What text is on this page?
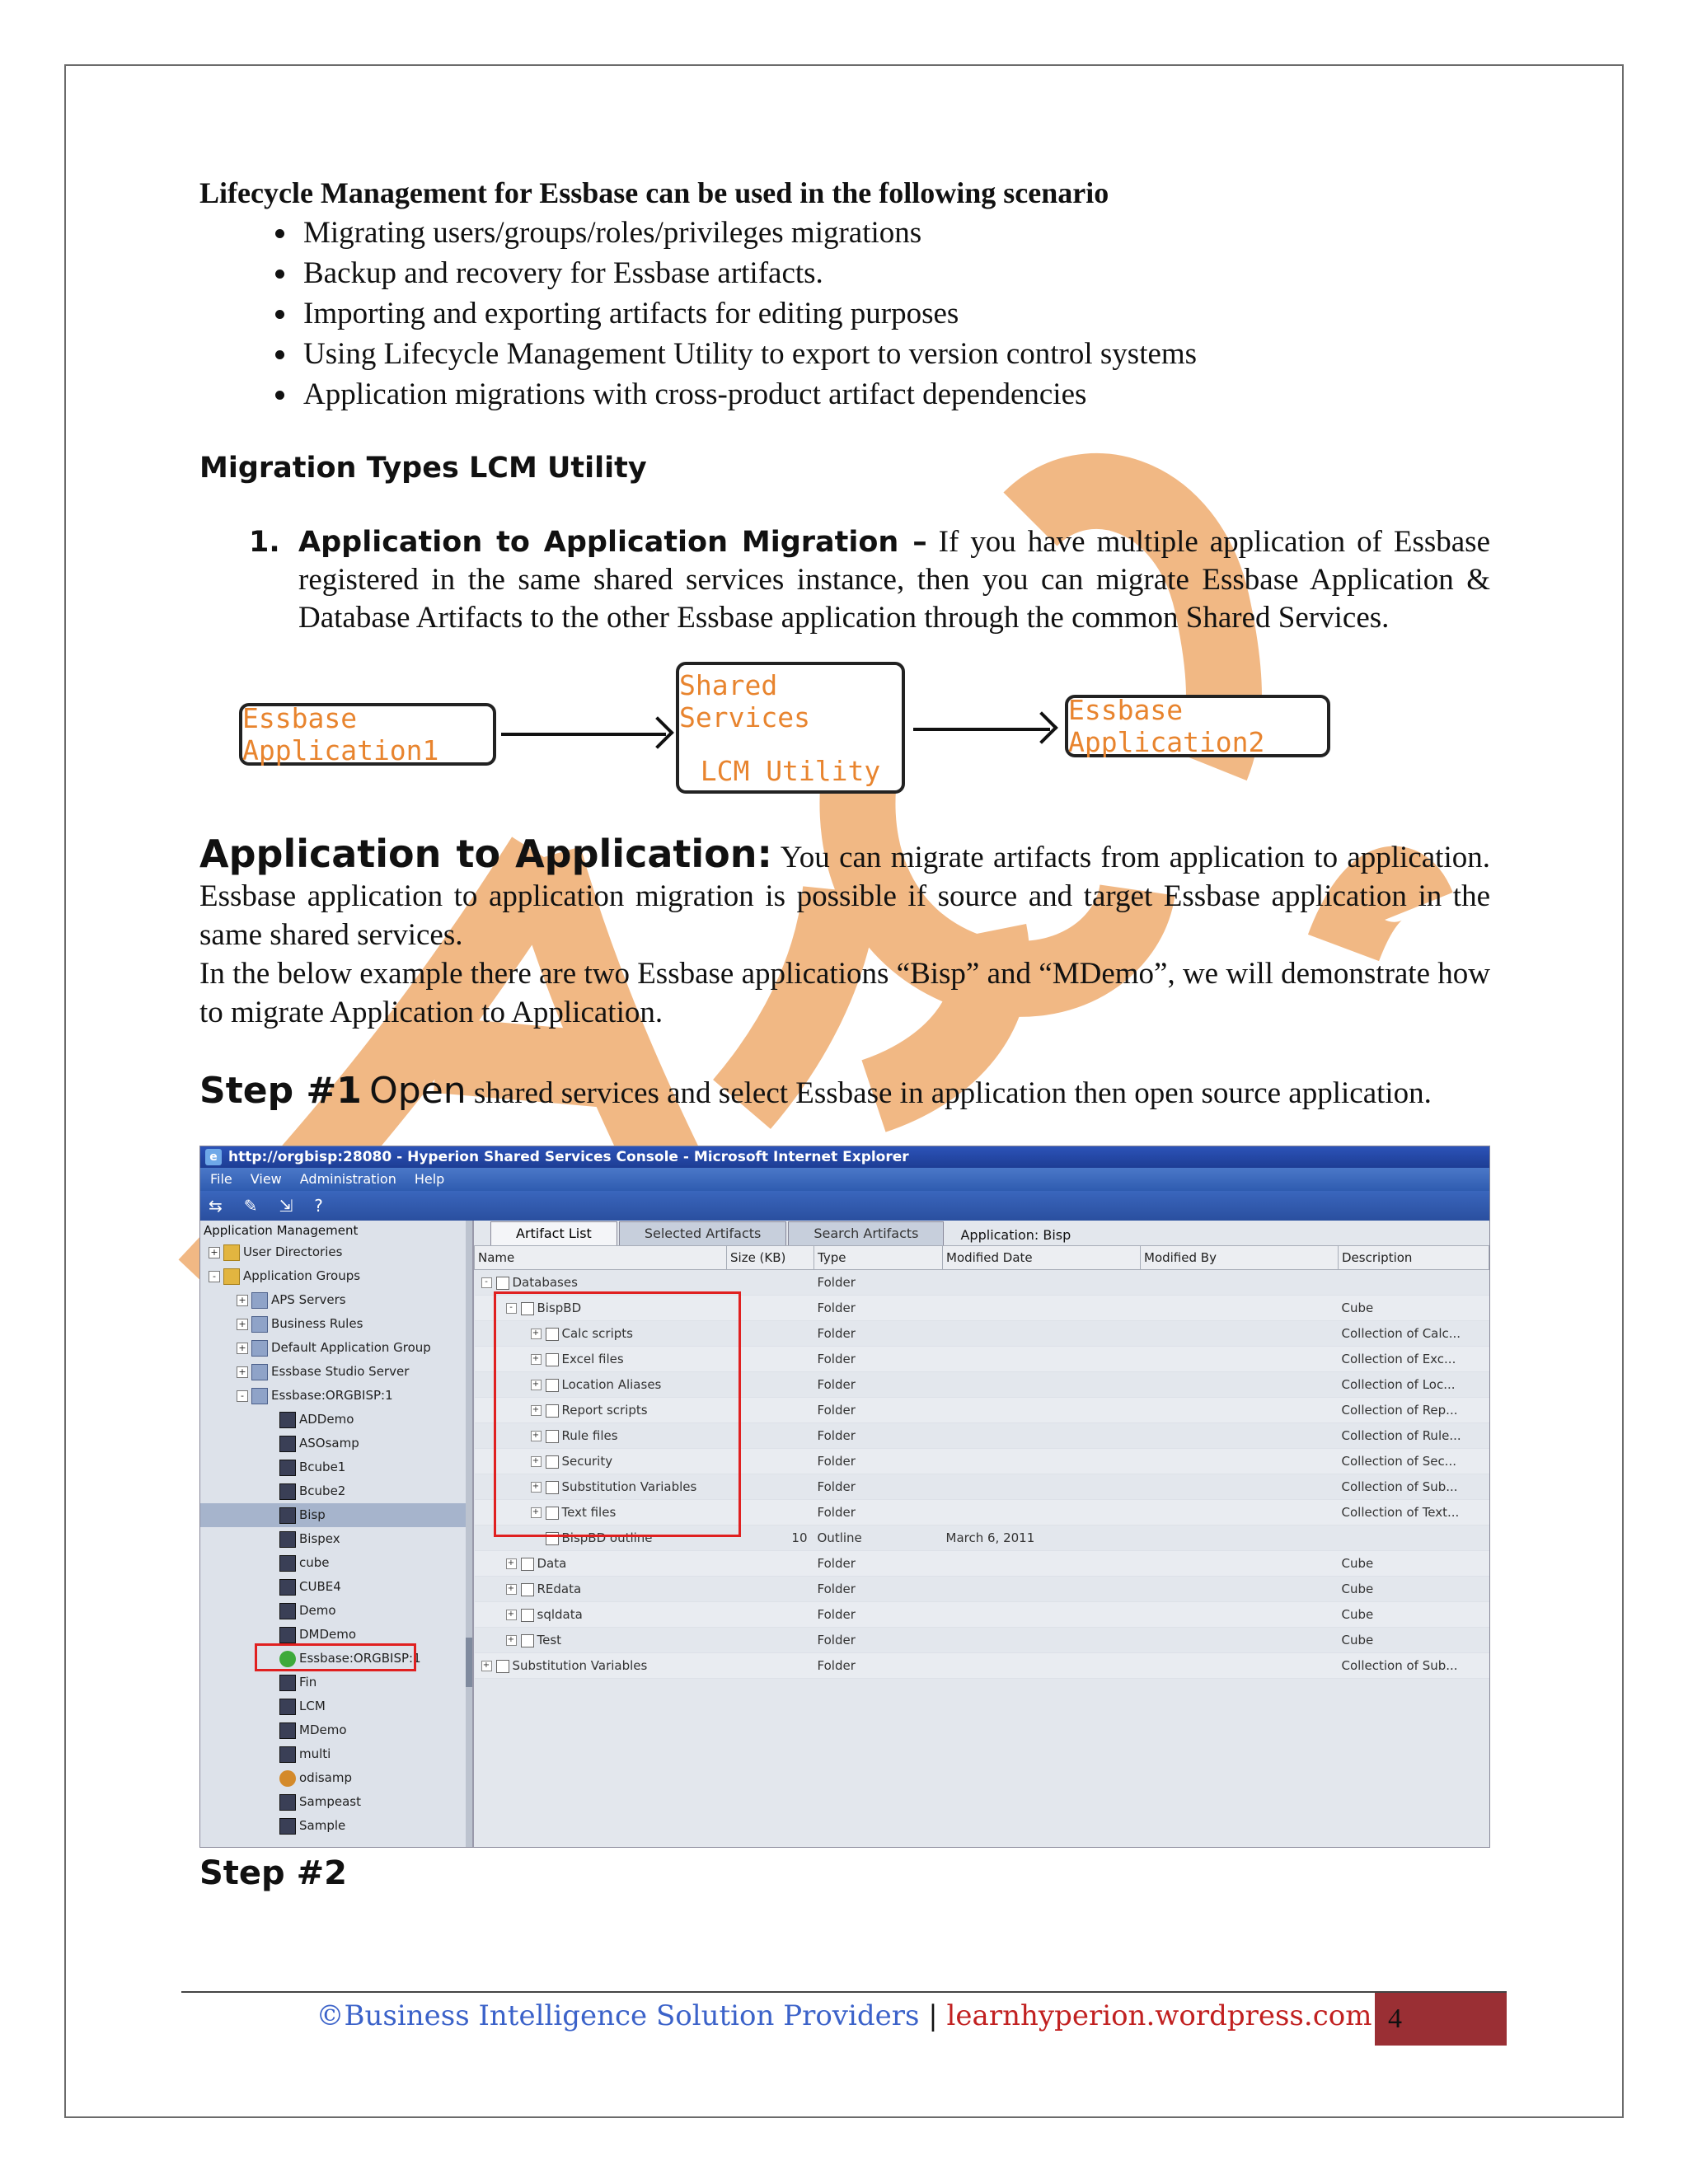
Lifecycle Management for Essbase can be used in the following scenario

• Migrating users/groups/roles/privileges migrations
• Backup and recovery for Essbase artifacts.
• Importing and exporting artifacts for editing purposes
• Using Lifecycle Management Utility to export to version control systems
• Application migrations with cross-product artifact dependencies
Migration Types LCM Utility
1. Application to Application Migration – If you have multiple application of Essbase registered in the same shared services instance, then you can migrate Essbase Application & Database Artifacts to the other Essbase application through the common Shared Services.
Essbase Application1
Shared Services
LCM Utility
Essbase Application2

Application to Application: You can migrate artifacts from application to application. Essbase application to application migration is possible if source and target Essbase application in the same shared services.

In the below example there are two Essbase applications “Bisp” and “MDemo”, we will demonstrate how to migrate Application to Application.

Step #1 Open shared services and select Essbase in application then open source application.

e http://orgbisp:28080 - Hyperion Shared Services Console - Microsoft Internet Explorer
File View Administration Help
⇆ ✎ ⇲ ?
Application Management
+ User Directories
- Application Groups
+ APS Servers
+ Business Rules
+ Default Application Group
+ Essbase Studio Server
- Essbase:ORGBISP:1
ADDemo
ASOsamp
Bcube1
Bcube2
Bisp
Bispex
cube
CUBE4
Demo
DMDemo
Essbase:ORGBISP:1
Fin
LCM
MDemo
multi
odisamp
Sampeast
Sample
Artifact List	Selected Artifacts	Search Artifacts	Application: Bisp
Name	Size (KB)	Type	Modified Date	Modified By	Description
- Databases		Folder			
- BispBD		Folder			Cube
+ Calc scripts		Folder			Collection of Calc...
+ Excel files		Folder			Collection of Exc...
+ Location Aliases		Folder			Collection of Loc...
+ Report scripts		Folder			Collection of Rep...
+ Rule files		Folder			Collection of Rule...
+ Security		Folder			Collection of Sec...
+ Substitution Variables		Folder			Collection of Sub...
+ Text files		Folder			Collection of Text...
BispBD outline	10	Outline	March 6, 2011		
+ Data		Folder			Cube
+ REdata		Folder			Cube
+ sqldata		Folder			Cube
+ Test		Folder			Cube
+ Substitution Variables		Folder			Collection of Sub...
Step #2
©Business Intelligence Solution Providers | learnhyperion.wordpress.com 4
